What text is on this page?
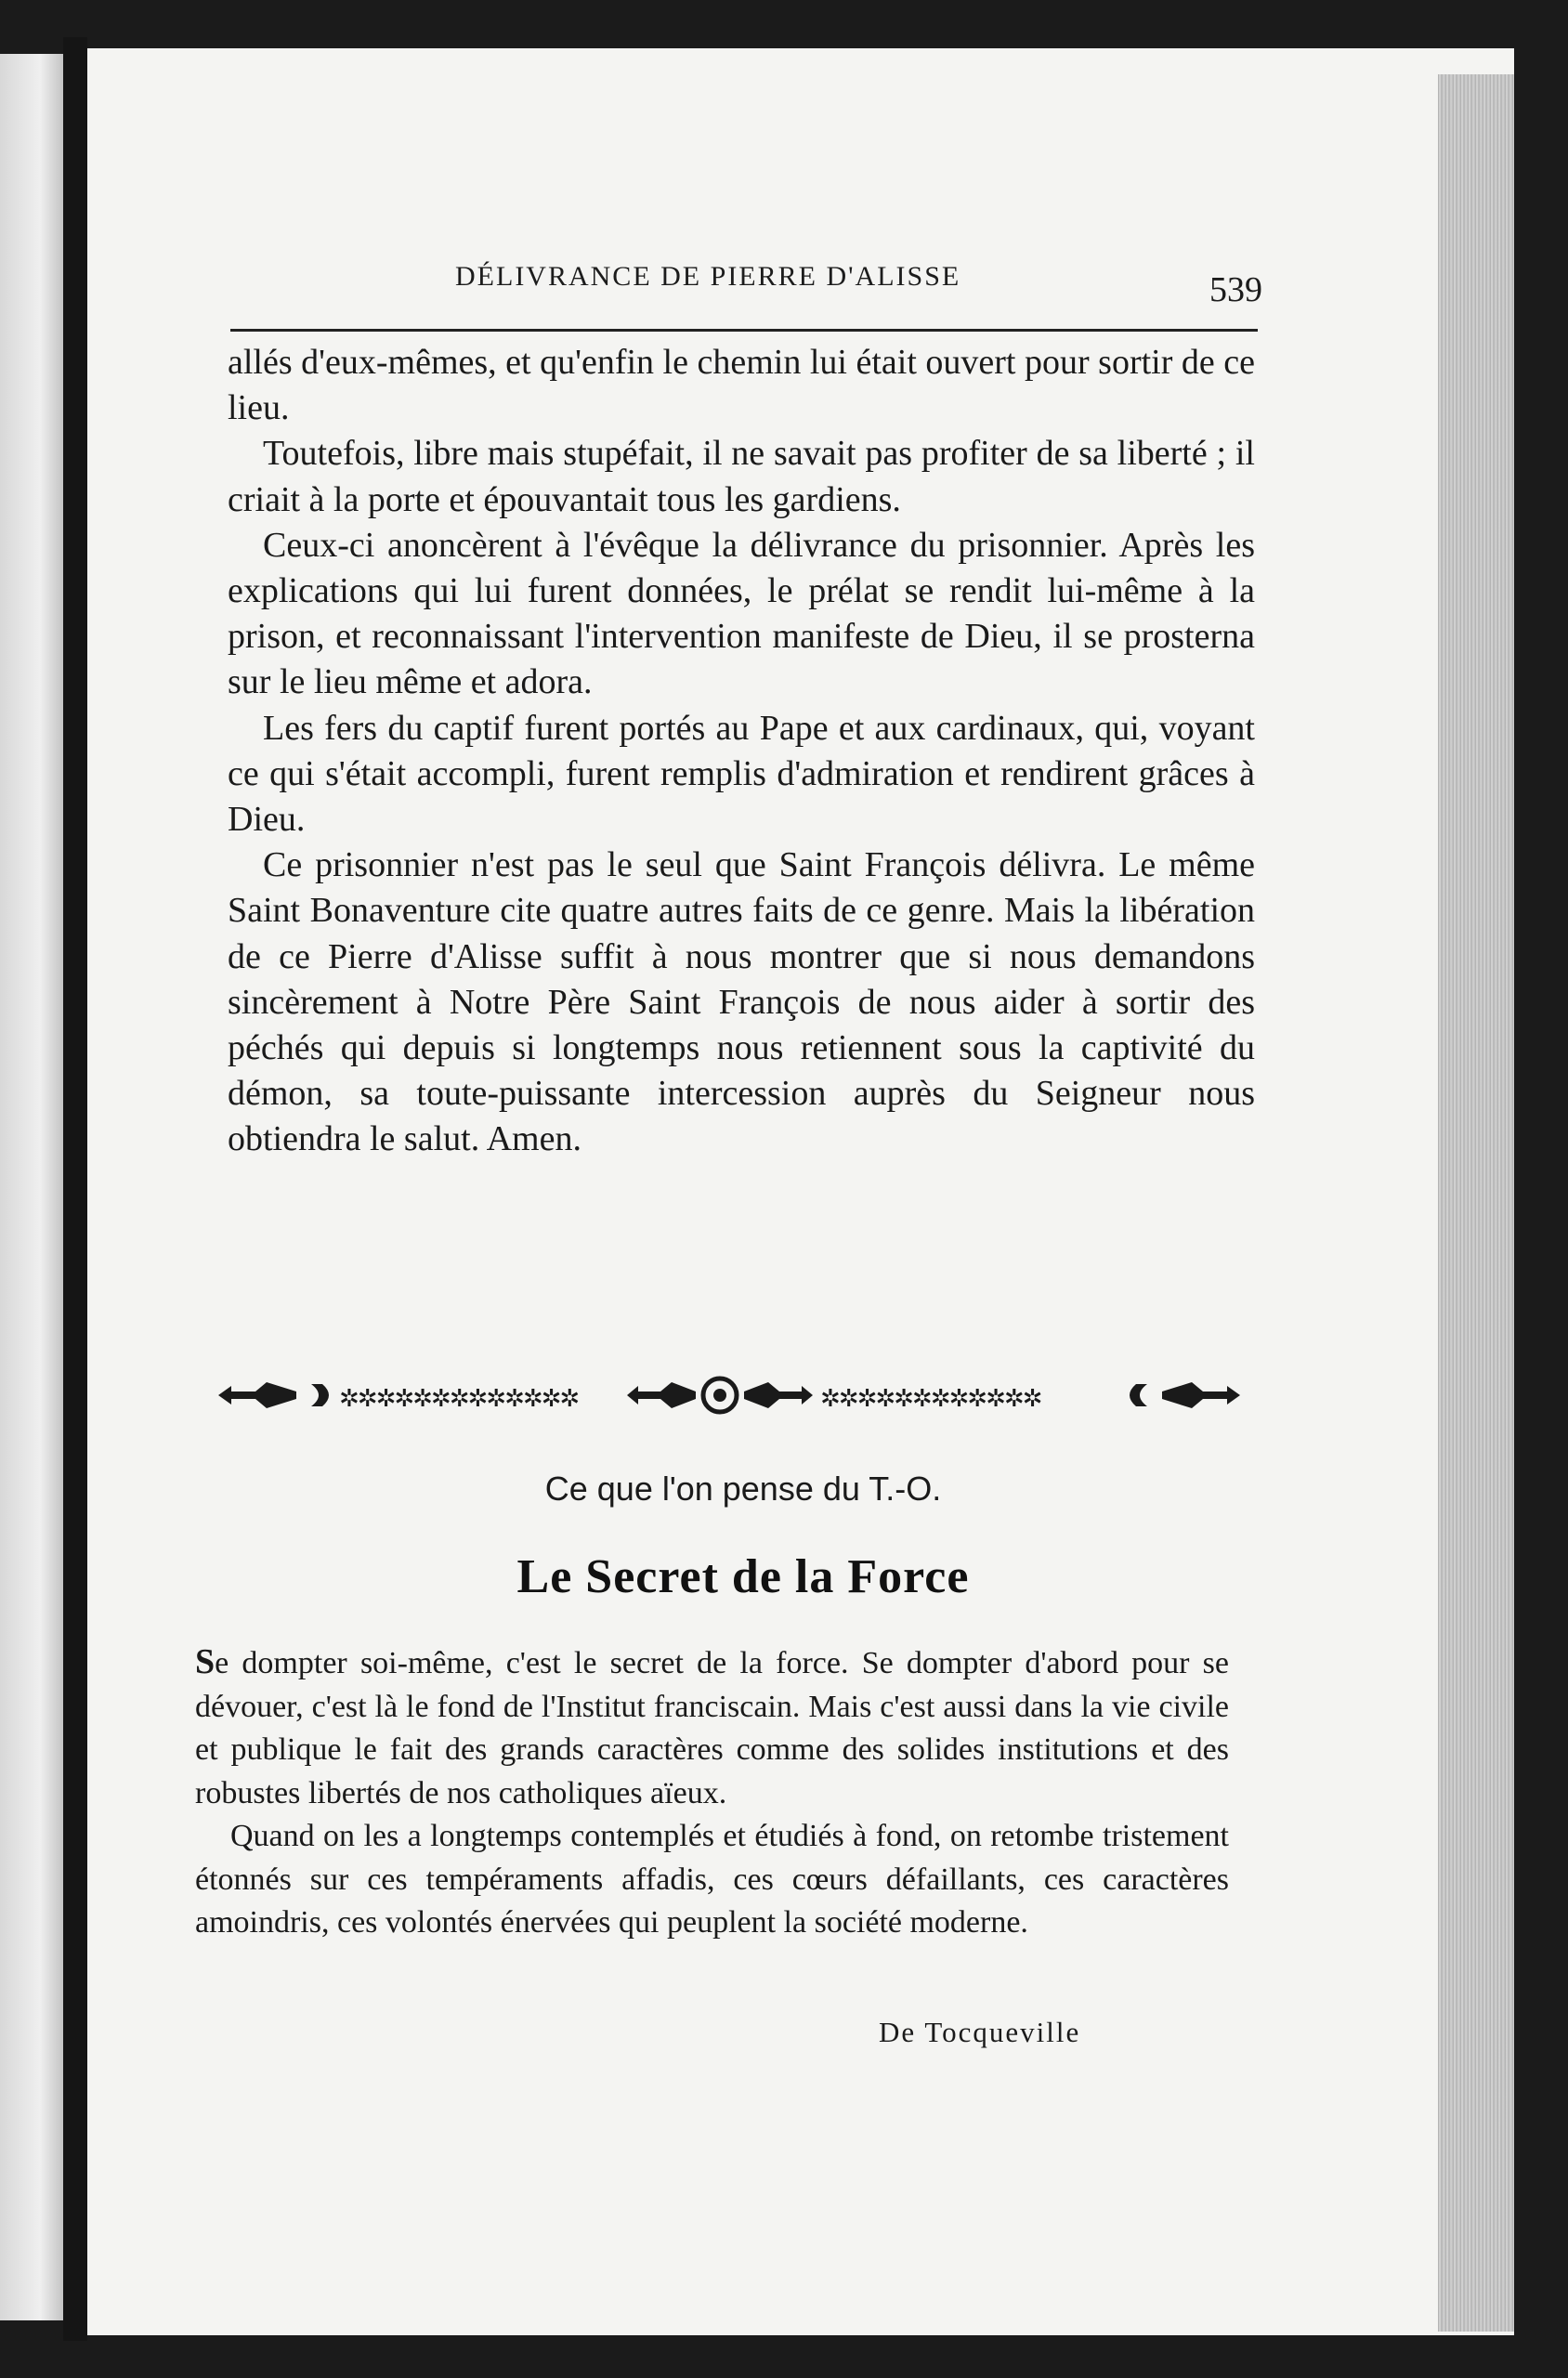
DÉLIVRANCE DE PIERRE D'ALISSE	539

allés d'eux-mêmes, et qu'enfin le chemin lui était ouvert pour sortir de ce lieu.

Toutefois, libre mais stupéfait, il ne savait pas profiter de sa liberté ; il criait à la porte et épouvantait tous les gardiens.

Ceux-ci anoncèrent à l'évêque la délivrance du prisonnier. Après les explications qui lui furent données, le prélat se rendit lui-même à la prison, et reconnaissant l'intervention manifeste de Dieu, il se prosterna sur le lieu même et adora.

Les fers du captif furent portés au Pape et aux cardinaux, qui, voyant ce qui s'était accompli, furent remplis d'admiration et rendirent grâces à Dieu.

Ce prisonnier n'est pas le seul que Saint François délivra. Le même Saint Bonaventure cite quatre autres faits de ce genre. Mais la libération de ce Pierre d'Alisse suffit à nous montrer que si nous demandons sincèrement à Notre Père Saint François de nous aider à sortir des péchés qui depuis si longtemps nous retiennent sous la captivité du démon, sa toute-puissante intercession auprès du Seigneur nous obtiendra le salut. Amen.

✲✲✲✲✲✲✲✲✲✲✲✲✲	✲✲✲✲✲✲✲✲✲✲✲✲
Ce que l'on pense du T.-O.
Le Secret de la Force

Se dompter soi-même, c'est le secret de la force. Se dompter d'abord pour se dévouer, c'est là le fond de l'Institut franciscain. Mais c'est aussi dans la vie civile et publique le fait des grands caractères comme des solides institutions et des robustes libertés de nos catholiques aïeux.

Quand on les a longtemps contemplés et étudiés à fond, on retombe tristement étonnés sur ces tempéraments affadis, ces cœurs défaillants, ces caractères amoindris, ces volontés énervées qui peuplent la société moderne.

De Tocqueville
